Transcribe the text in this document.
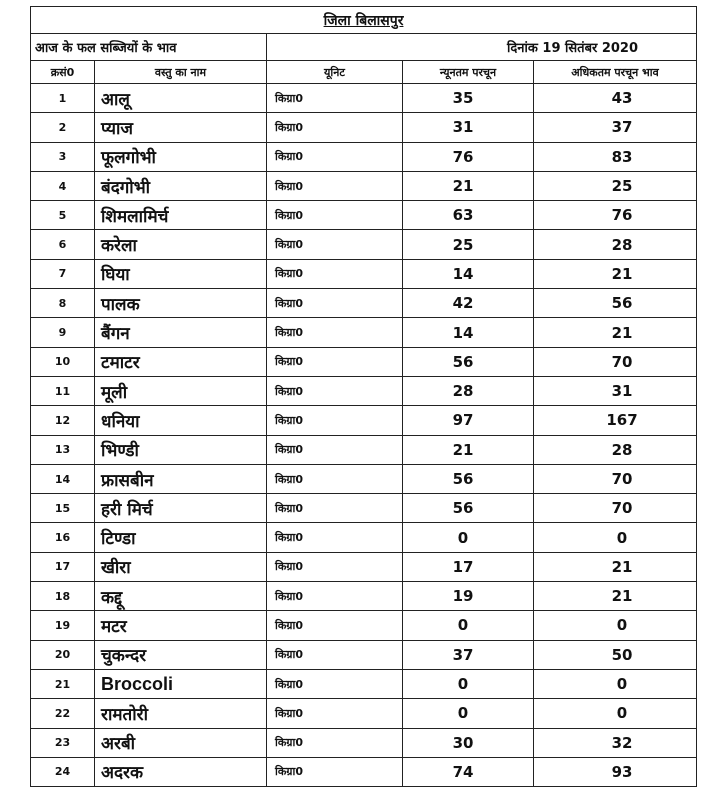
जिला बिलासपुर				
आज के फल सब्जियों के भाव		दिनांक 19 सितंबर 2020		
क्रसं0	वस्तु का नाम	यूनिट	न्यूनतम परचून	अधिकतम परचून भाव
1	आलू	किग्रा0	35	43
2	प्याज	किग्रा0	31	37
3	फूलगोभी	किग्रा0	76	83
4	बंदगोभी	किग्रा0	21	25
5	शिमलामिर्च	किग्रा0	63	76
6	करेला	किग्रा0	25	28
7	घिया	किग्रा0	14	21
8	पालक	किग्रा0	42	56
9	बैंगन	किग्रा0	14	21
10	टमाटर	किग्रा0	56	70
11	मूली	किग्रा0	28	31
12	धनिया	किग्रा0	97	167
13	भिण्डी	किग्रा0	21	28
14	फ्रासबीन	किग्रा0	56	70
15	हरी मिर्च	किग्रा0	56	70
16	टिण्डा	किग्रा0	0	0
17	खीरा	किग्रा0	17	21
18	कद्दू	किग्रा0	19	21
19	मटर	किग्रा0	0	0
20	चुकन्दर	किग्रा0	37	50
21	Broccoli	किग्रा0	0	0
22	रामतोरी	किग्रा0	0	0
23	अरबी	किग्रा0	30	32
24	अदरक	किग्रा0	74	93
